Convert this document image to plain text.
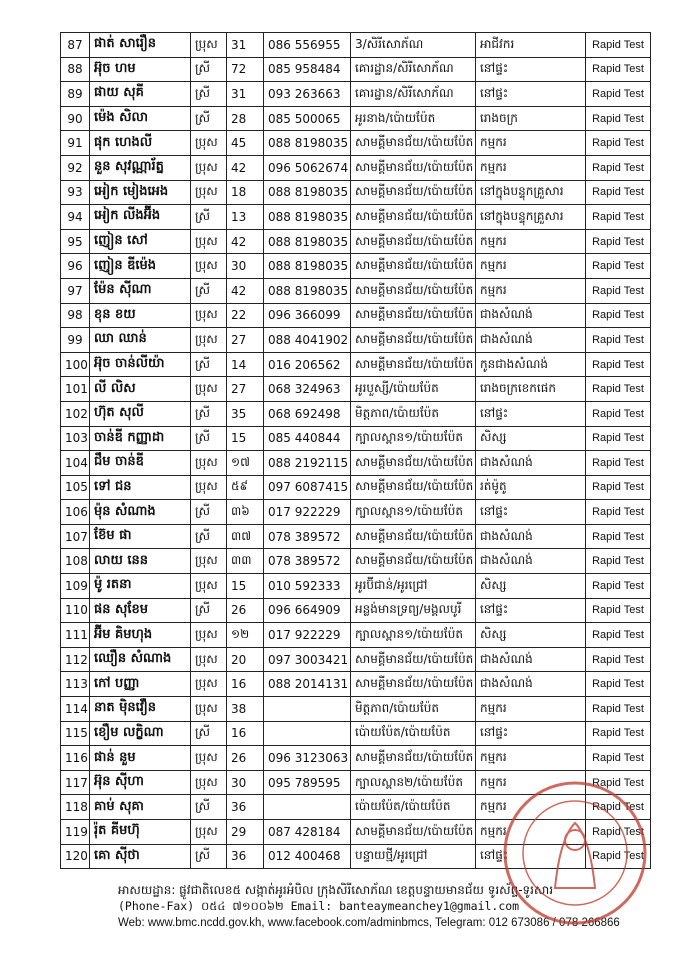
87	ផាត់ សារឿន	ប្រុស	31	086 556955	3/សិរីសោភ័ណ	អាជីវករ	Rapid Test
88	អ៊ុច ហម	ស្រី	72	085 958484	គោរដ្ឋាន/សិរីសោភ័ណ	នៅផ្ទះ	Rapid Test
89	ផាយ សុគី	ស្រី	31	093 263663	គោរដ្ឋាន/សិរីសោភ័ណ	នៅផ្ទះ	Rapid Test
90	ម៉េង សិលា	ស្រី	28	085 500065	អូរនាង/ប៉ោយប៉ែត	រោងចក្រ	Rapid Test
91	ផុក ហេងលី	ប្រុស	45	088 8198035	សាមគ្គីមានជ័យ/ប៉ោយប៉ែត	កម្មករ	Rapid Test
92	នួន សុវណ្ណារ័ត្ន	ប្រុស	42	096 5062674	សាមគ្គីមានជ័យ/ប៉ោយប៉ែត	កម្មករ	Rapid Test
93	អៀក មៀងអេង	ប្រុស	18	088 8198035	សាមគ្គីមានជ័យ/ប៉ោយប៉ែត	នៅក្នុងបន្ទុកគ្រួសារ	Rapid Test
94	អៀក លីងអ៊ីង	ស្រី	13	088 8198035	សាមគ្គីមានជ័យ/ប៉ោយប៉ែត	នៅក្នុងបន្ទុកគ្រួសារ	Rapid Test
95	ញៀន សៅ	ប្រុស	42	088 8198035	សាមគ្គីមានជ័យ/ប៉ោយប៉ែត	កម្មករ	Rapid Test
96	ញៀន ឌីម៉េង	ប្រុស	30	088 8198035	សាមគ្គីមានជ័យ/ប៉ោយប៉ែត	កម្មករ	Rapid Test
97	ម៉ែន ស៊ីណា	ស្រី	42	088 8198035	សាមគ្គីមានជ័យ/ប៉ោយប៉ែត	កម្មករ	Rapid Test
98	ខុន ខយ	ប្រុស	22	096 366099	សាមគ្គីមានជ័យ/ប៉ោយប៉ែត	ជាងសំណង់	Rapid Test
99	ឈា ឈាន់	ប្រុស	27	088 4041902	សាមគ្គីមានជ័យ/ប៉ោយប៉ែត	ជាងសំណង់	Rapid Test
100	អ៊ុច ចាន់លីយ៉ា	ស្រី	14	016 206562	សាមគ្គីមានជ័យ/ប៉ោយប៉ែត	កូនជាងសំណង់	Rapid Test
101	លី លិស	ប្រុស	27	068 324963	អូរបួស្សី/ប៉ោយប៉ែត	រោងចក្រខេកផេក	Rapid Test
102	ហ៊ុត សុលី	ស្រី	35	068 692498	មិត្តភាព/ប៉ោយប៉ែត	នៅផ្ទះ	Rapid Test
103	ចាន់ឌី កញ្ញាដា	ស្រី	15	085 440844	ក្បាលស្ពាន១/ប៉ោយប៉ែត	សិស្ស	Rapid Test
104	ជឹម ចាន់ឌី	ប្រុស	១៧	088 2192115	សាមគ្គីមានជ័យ/ប៉ោយប៉ែត	ជាងសំណង់	Rapid Test
105	ទៅ ជន	ប្រុស	៥៩	097 6087415	សាមគ្គីមានជ័យ/ប៉ោយប៉ែត	រត់ម៉ូតូ	Rapid Test
106	ម៉ុន សំណាង	ស្រី	៣៦	017 922229	ក្បាលស្ពាន១/ប៉ោយប៉ែត	នៅផ្ទះ	Rapid Test
107	ខ៊ែម ផា	ស្រី	៣៧	078 389572	សាមគ្គីមានជ័យ/ប៉ោយប៉ែត	ជាងសំណង់	Rapid Test
108	លាយ នេន	ប្រុស	៣៣	078 389572	សាមគ្គីមានជ័យ/ប៉ោយប៉ែត	ជាងសំណង់	Rapid Test
109	ម៉ូ រតនា	ប្រុស	15	010 592333	អូរប៊ីជាន់/អូរជ្រៅ	សិស្ស	Rapid Test
110	ផន សុខែម	ស្រី	26	096 664909	អន្លង់មានទ្រព្យ/មង្គលបូរី	នៅផ្ទះ	Rapid Test
111	អ៊ីម គិមហុង	ប្រុស	១២	017 922229	ក្បាលស្ពាន១/ប៉ោយប៉ែត	សិស្ស	Rapid Test
112	ឈឿន សំណាង	ប្រុស	20	097 3003421	សាមគ្គីមានជ័យ/ប៉ោយប៉ែត	ជាងសំណង់	Rapid Test
113	កៅ បញ្ញា	ប្រុស	16	088 2014131	សាមគ្គីមានជ័យ/ប៉ោយប៉ែត	ជាងសំណង់	Rapid Test
114	នាត ម៉ិនវឿន	ប្រុស	38		មិត្តភាព/ប៉ោយប៉ែត	កម្មករ	Rapid Test
115	ខឿម លក្ខិណា	ស្រី	16		ប៉ោយប៉ែត/ប៉ោយប៉ែត	នៅផ្ទះ	Rapid Test
116	ផាន់ នួម	ប្រុស	26	096 3123063	សាមគ្គីមានជ័យ/ប៉ោយប៉ែត	កម្មករ	Rapid Test
117	អ៊ុន ស៊ីហា	ប្រុស	30	095 789595	ក្បាលស្ពាន២/ប៉ោយប៉ែត	កម្មករ	Rapid Test
118	គាម់ សុគា	ស្រី	36		ប៉ោយប៉ែត/ប៉ោយប៉ែត	កម្មករ	Rapid Test
119	រ៉ុត គីមហ៊ុ	ប្រុស	29	087 428184	សាមគ្គីមានជ័យ/ប៉ោយប៉ែត	កម្មករ	Rapid Test
120	គោ ស៊ីថា	ស្រី	36	012 400468	បន្ទាយថ្មី/អូរជ្រៅ	នៅផ្ទះ	Rapid Test
អាសយដ្ឋាន: ផ្លូវជាតិលេខ៥ សង្កាត់អូរអំបិល ក្រុងសិរីសោភ័ណ ខេត្តបន្ទាយមានជ័យ ទូរស័ព្ទ-ទូរសារ
(Phone-Fax) ០៥៤ ៧១០០៦២ Email: banteaymeanchey1@gmail.com
Web: www.bmc.ncdd.gov.kh, www.facebook.com/adminbmcs, Telegram: 012 673086 / 078 266866
